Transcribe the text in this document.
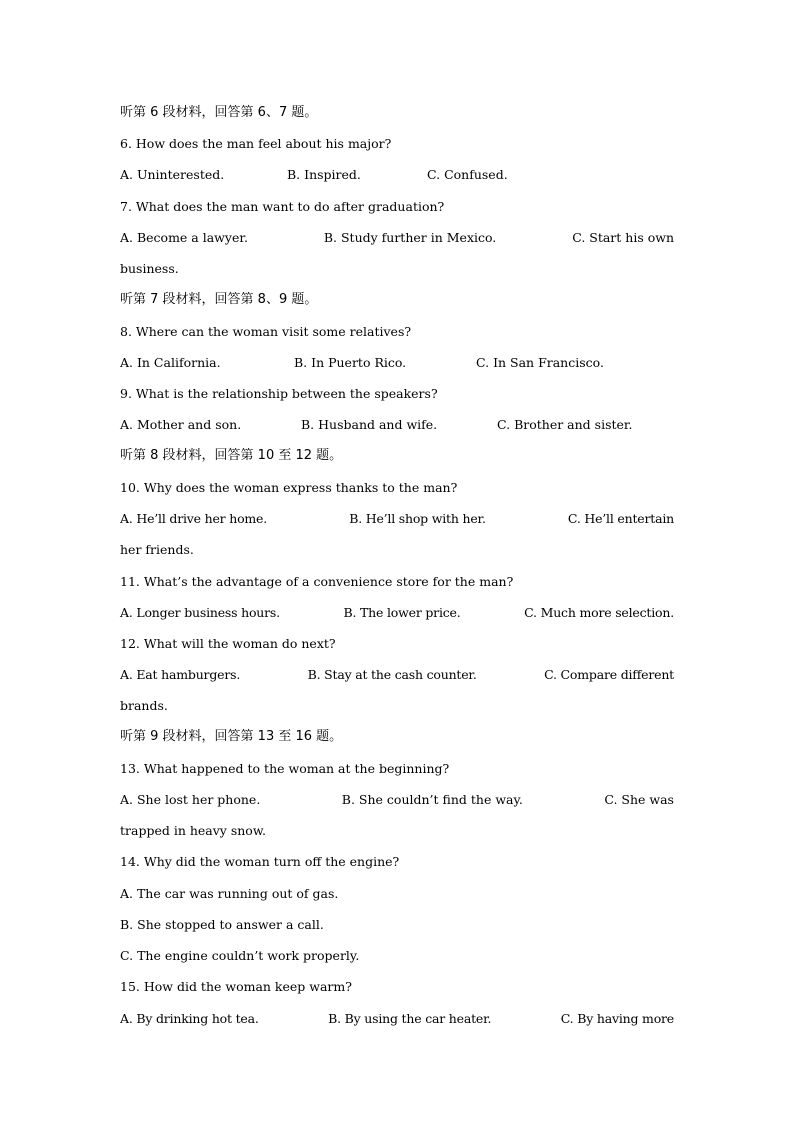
听第 6 段材料，回答第 6、7 题。
6. How does the man feel about his major?
A. Uninterested.	B. Inspired.	C. Confused.
7. What does the man want to do after graduation?
A. Become a lawyer.	B. Study further in Mexico.	C. Start his own
business.
听第 7 段材料，回答第 8、9 题。
8. Where can the woman visit some relatives?
A. In California.	B. In Puerto Rico.	C. In San Francisco.
9. What is the relationship between the speakers?
A. Mother and son.	B. Husband and wife.	C. Brother and sister.
听第 8 段材料，回答第 10 至 12 题。
10. Why does the woman express thanks to the man?
A. He’ll drive her home.	B. He’ll shop with her.	C. He’ll entertain
her friends.
11. What’s the advantage of a convenience store for the man?
A. Longer business hours.	B. The lower price.	C. Much more selection.
12. What will the woman do next?
A. Eat hamburgers.	B. Stay at the cash counter.	C. Compare different
brands.
听第 9 段材料，回答第 13 至 16 题。
13. What happened to the woman at the beginning?
A. She lost her phone.	B. She couldn’t find the way.	C. She was
trapped in heavy snow.
14. Why did the woman turn off the engine?
A. The car was running out of gas.
B. She stopped to answer a call.
C. The engine couldn’t work properly.
15. How did the woman keep warm?
A. By drinking hot tea.	B. By using the car heater.	C. By having more
